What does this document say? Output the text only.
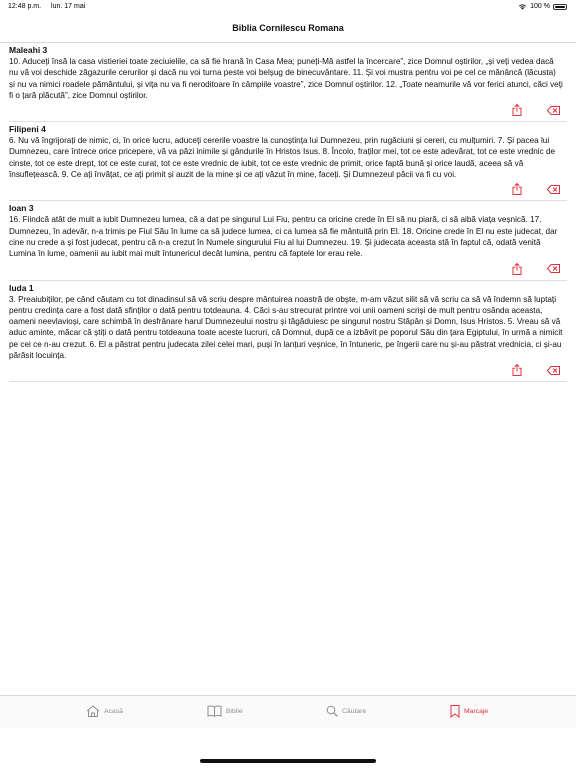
12:48 p.m. lun. 17 mai	100 %
Biblia Cornilescu Romana
Maleahi 3
10. Aduceți însă la casa vistieriei toate zeciuielile, ca să fie hrană în Casa Mea; puneți-Mă astfel la încercare”, zice Domnul oștirilor, „și veți vedea dacă nu vă voi deschide zăgazurile cerurilor și dacă nu voi turna peste voi belșug de binecuvântare. 11. Și voi mustra pentru voi pe cel ce mănâncă (lăcusta) și nu va nimici roadele pământului, și vița nu va fi neroditoare în câmpiile voastre”, zice Domnul oștirilor. 12. „Toate neamurile vă vor ferici atunci, căci veți fi o țară plăcută”, zice Domnul oștirilor.
Filipeni 4
6. Nu vă îngrijorați de nimic, ci, în orice lucru, aduceți cererile voastre la cunoștința lui Dumnezeu, prin rugăciuni și cereri, cu mulțumiri. 7. Și pacea lui Dumnezeu, care întrece orice pricepere, vă va păzi inimile și gândurile în Hristos Isus. 8. Încolo, fraților mei, tot ce este adevărat, tot ce este vrednic de cinste, tot ce este drept, tot ce este curat, tot ce este vrednic de iubit, tot ce este vrednic de primit, orice faptă bună și orice laudă, aceea să vă însuflețească. 9. Ce ați învățat, ce ați primit și auzit de la mine și ce ați văzut în mine, faceți. Și Dumnezeul păcii va fi cu voi.
Ioan 3
16. Fiindcă atât de mult a iubit Dumnezeu lumea, că a dat pe singurul Lui Fiu, pentru ca oricine crede în El să nu piară, ci să aibă viața veșnică. 17. Dumnezeu, în adevăr, n-a trimis pe Fiul Său în lume ca să judece lumea, ci ca lumea să fie mântuită prin El. 18. Oricine crede în El nu este judecat, dar cine nu crede a și fost judecat, pentru că n-a crezut în Numele singurului Fiu al lui Dumnezeu. 19. Și judecata aceasta stă în faptul că, odată venită Lumina în lume, oamenii au iubit mai mult întunericul decât lumina, pentru că faptele lor erau rele.
Iuda 1
3. Preaiubiților, pe când căutam cu tot dinadinsul să vă scriu despre mântuirea noastră de obște, m-am văzut silit să vă scriu ca să vă îndemn să luptați pentru credința care a fost dată sfinților o dată pentru totdeauna. 4. Căci s-au strecurat printre voi unii oameni scriși de mult pentru osânda aceasta, oameni neevlavioși, care schimbă în desfrânare harul Dumnezeului nostru și tăgăduiesc pe singurul nostru Stăpân și Domn, Isus Hristos. 5. Vreau să vă aduc aminte, măcar că știți o dată pentru totdeauna toate aceste lucruri, că Domnul, după ce a izbăvit pe poporul Său din țara Egiptului, în urmă a nimicit pe cei ce n-au crezut. 6. El a păstrat pentru judecata zilei celei mari, puși în lanțuri veșnice, în întuneric, pe îngerii care nu și-au păstrat vrednicia, ci și-au părăsit locuința.
Acasă	Biblie	Căutare	Marcaje
